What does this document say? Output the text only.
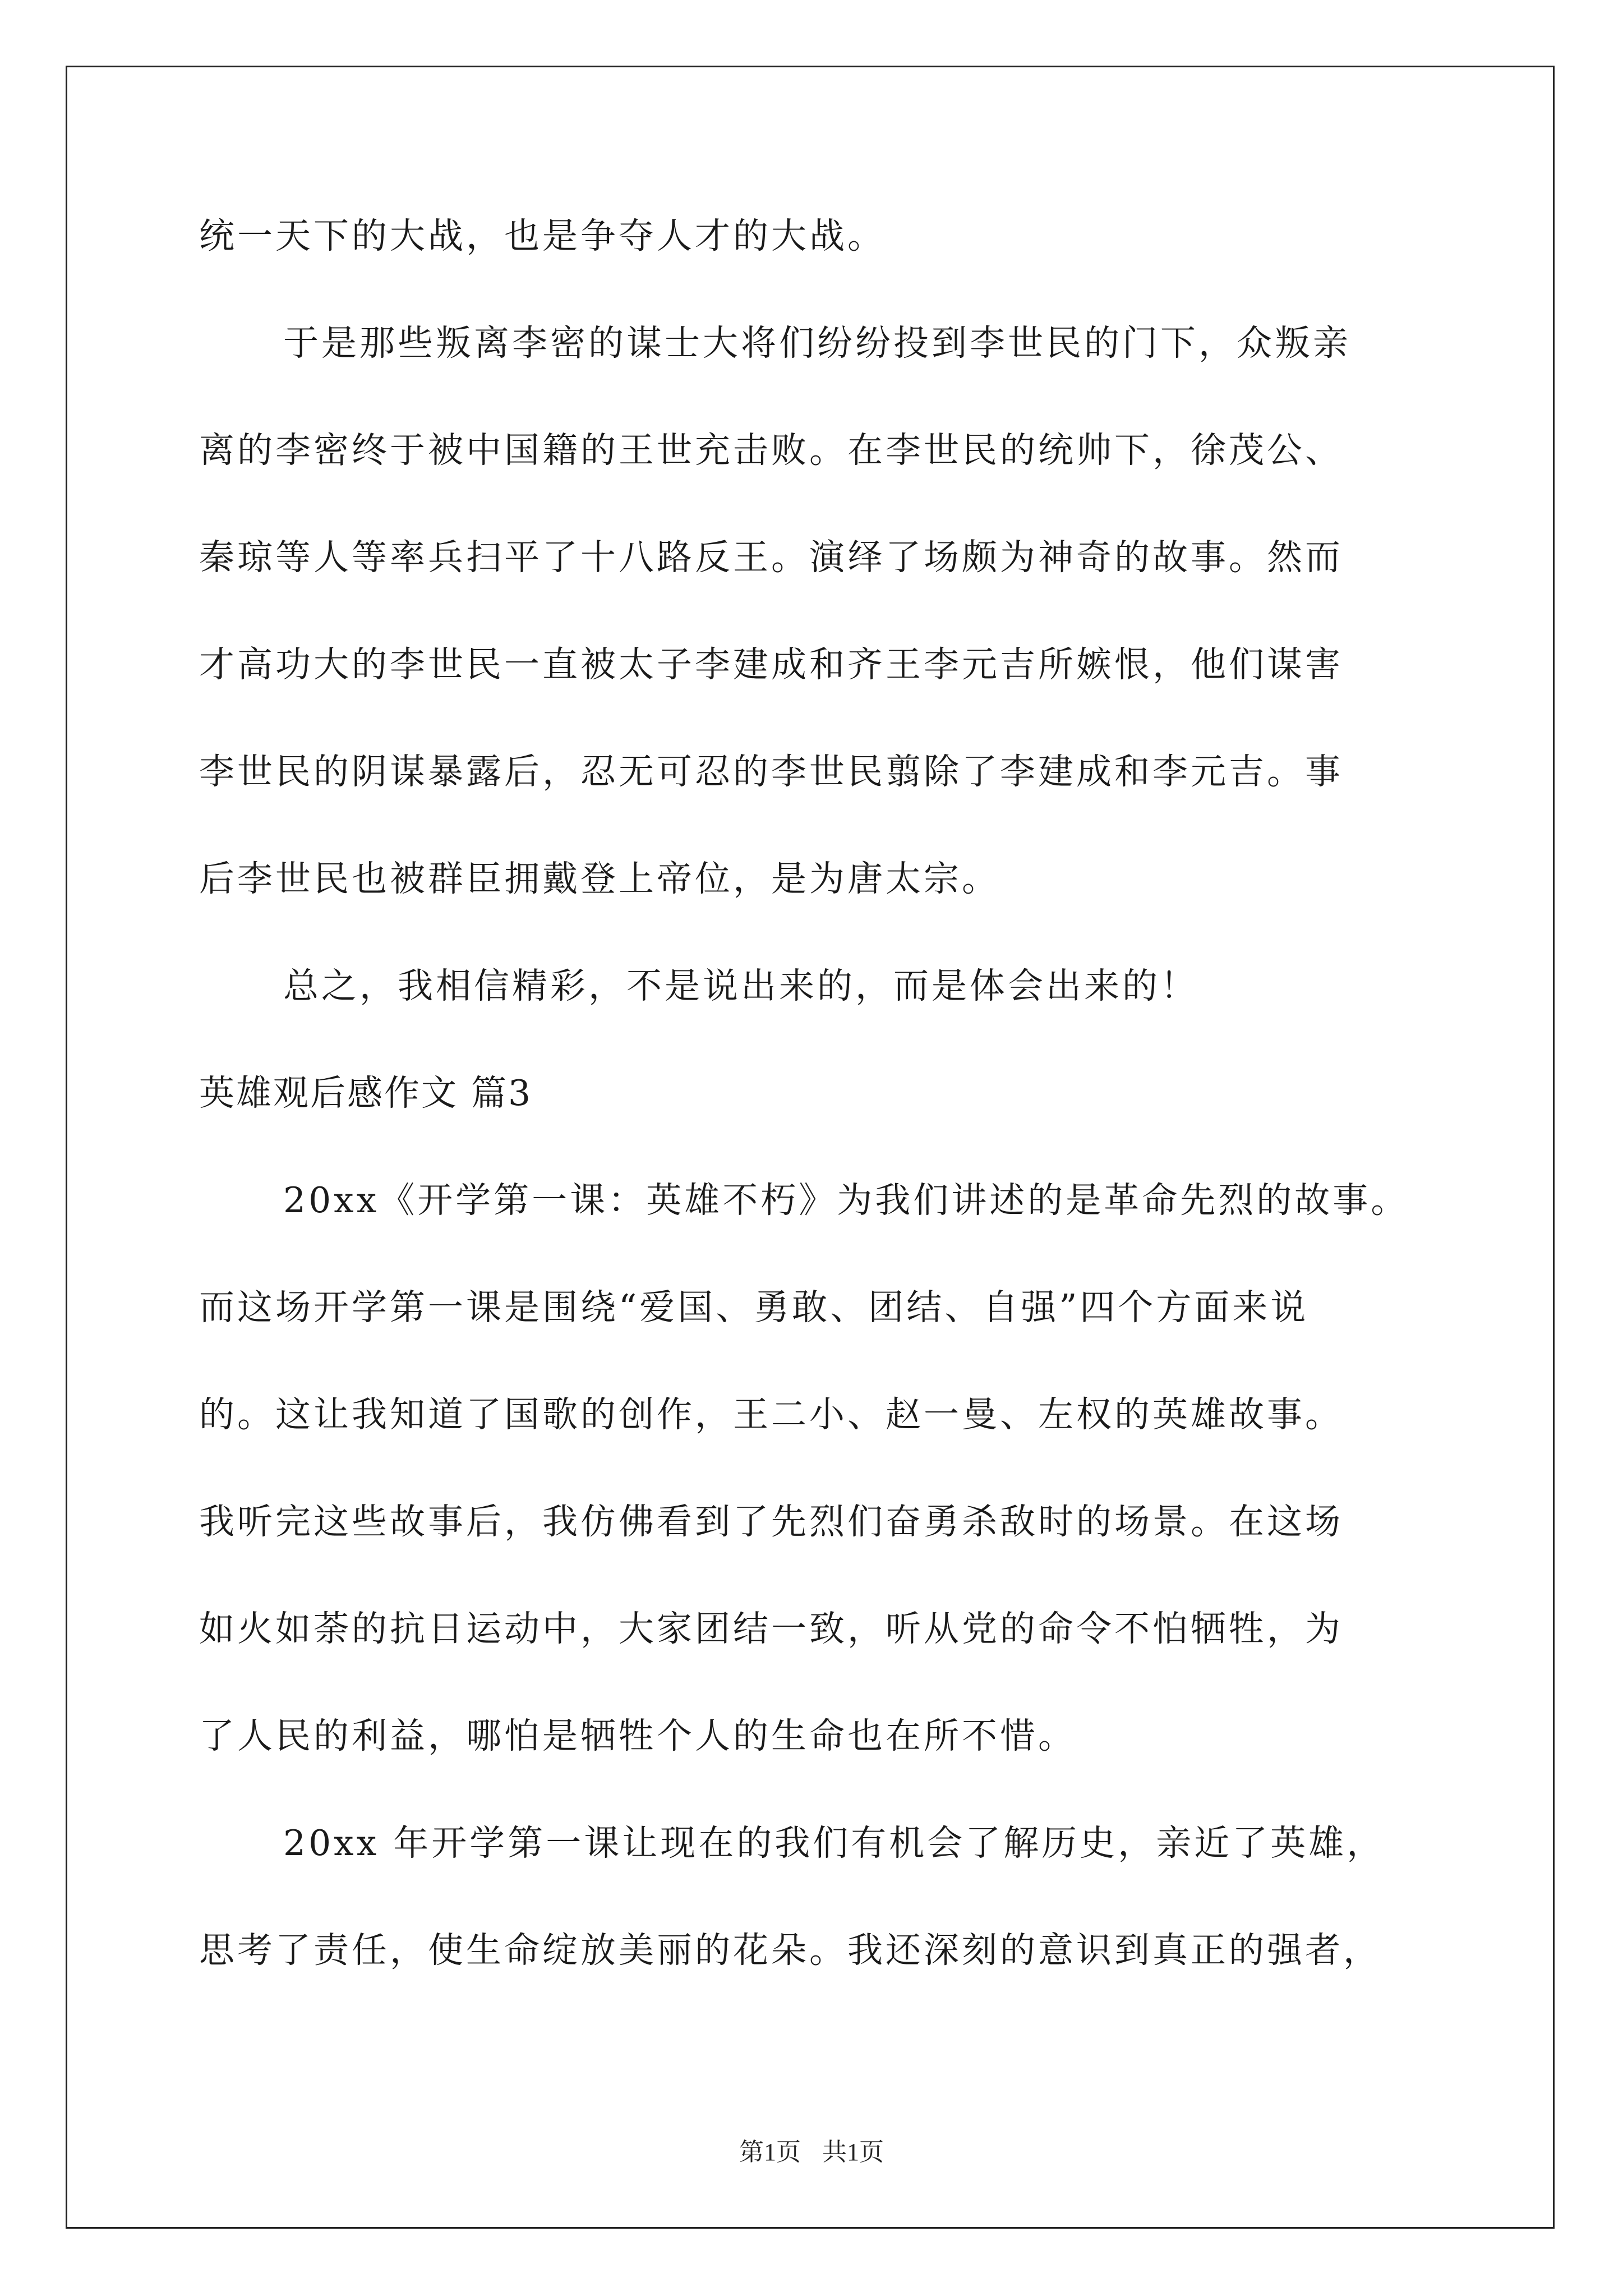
统一天下的大战，也是争夺人才的大战。
于是那些叛离李密的谋士大将们纷纷投到李世民的门下，众叛亲
离的李密终于被中国籍的王世充击败。在李世民的统帅下，徐茂公、
秦琼等人等率兵扫平了十八路反王。演绎了场颇为神奇的故事。然而
才高功大的李世民一直被太子李建成和齐王李元吉所嫉恨，他们谋害
李世民的阴谋暴露后，忍无可忍的李世民翦除了李建成和李元吉。事
后李世民也被群臣拥戴登上帝位，是为唐太宗。
总之，我相信精彩，不是说出来的，而是体会出来的！
英雄观后感作文 篇3
20xx《开学第一课：英雄不朽》为我们讲述的是革命先烈的故事。
而这场开学第一课是围绕“爱国、勇敢、团结、自强”四个方面来说
的。这让我知道了国歌的创作，王二小、赵一曼、左权的英雄故事。
我听完这些故事后，我仿佛看到了先烈们奋勇杀敌时的场景。在这场
如火如荼的抗日运动中，大家团结一致，听从党的命令不怕牺牲，为
了人民的利益，哪怕是牺牲个人的生命也在所不惜。
20xx 年开学第一课让现在的我们有机会了解历史，亲近了英雄，
思考了责任，使生命绽放美丽的花朵。我还深刻的意识到真正的强者，
第1页 共1页
